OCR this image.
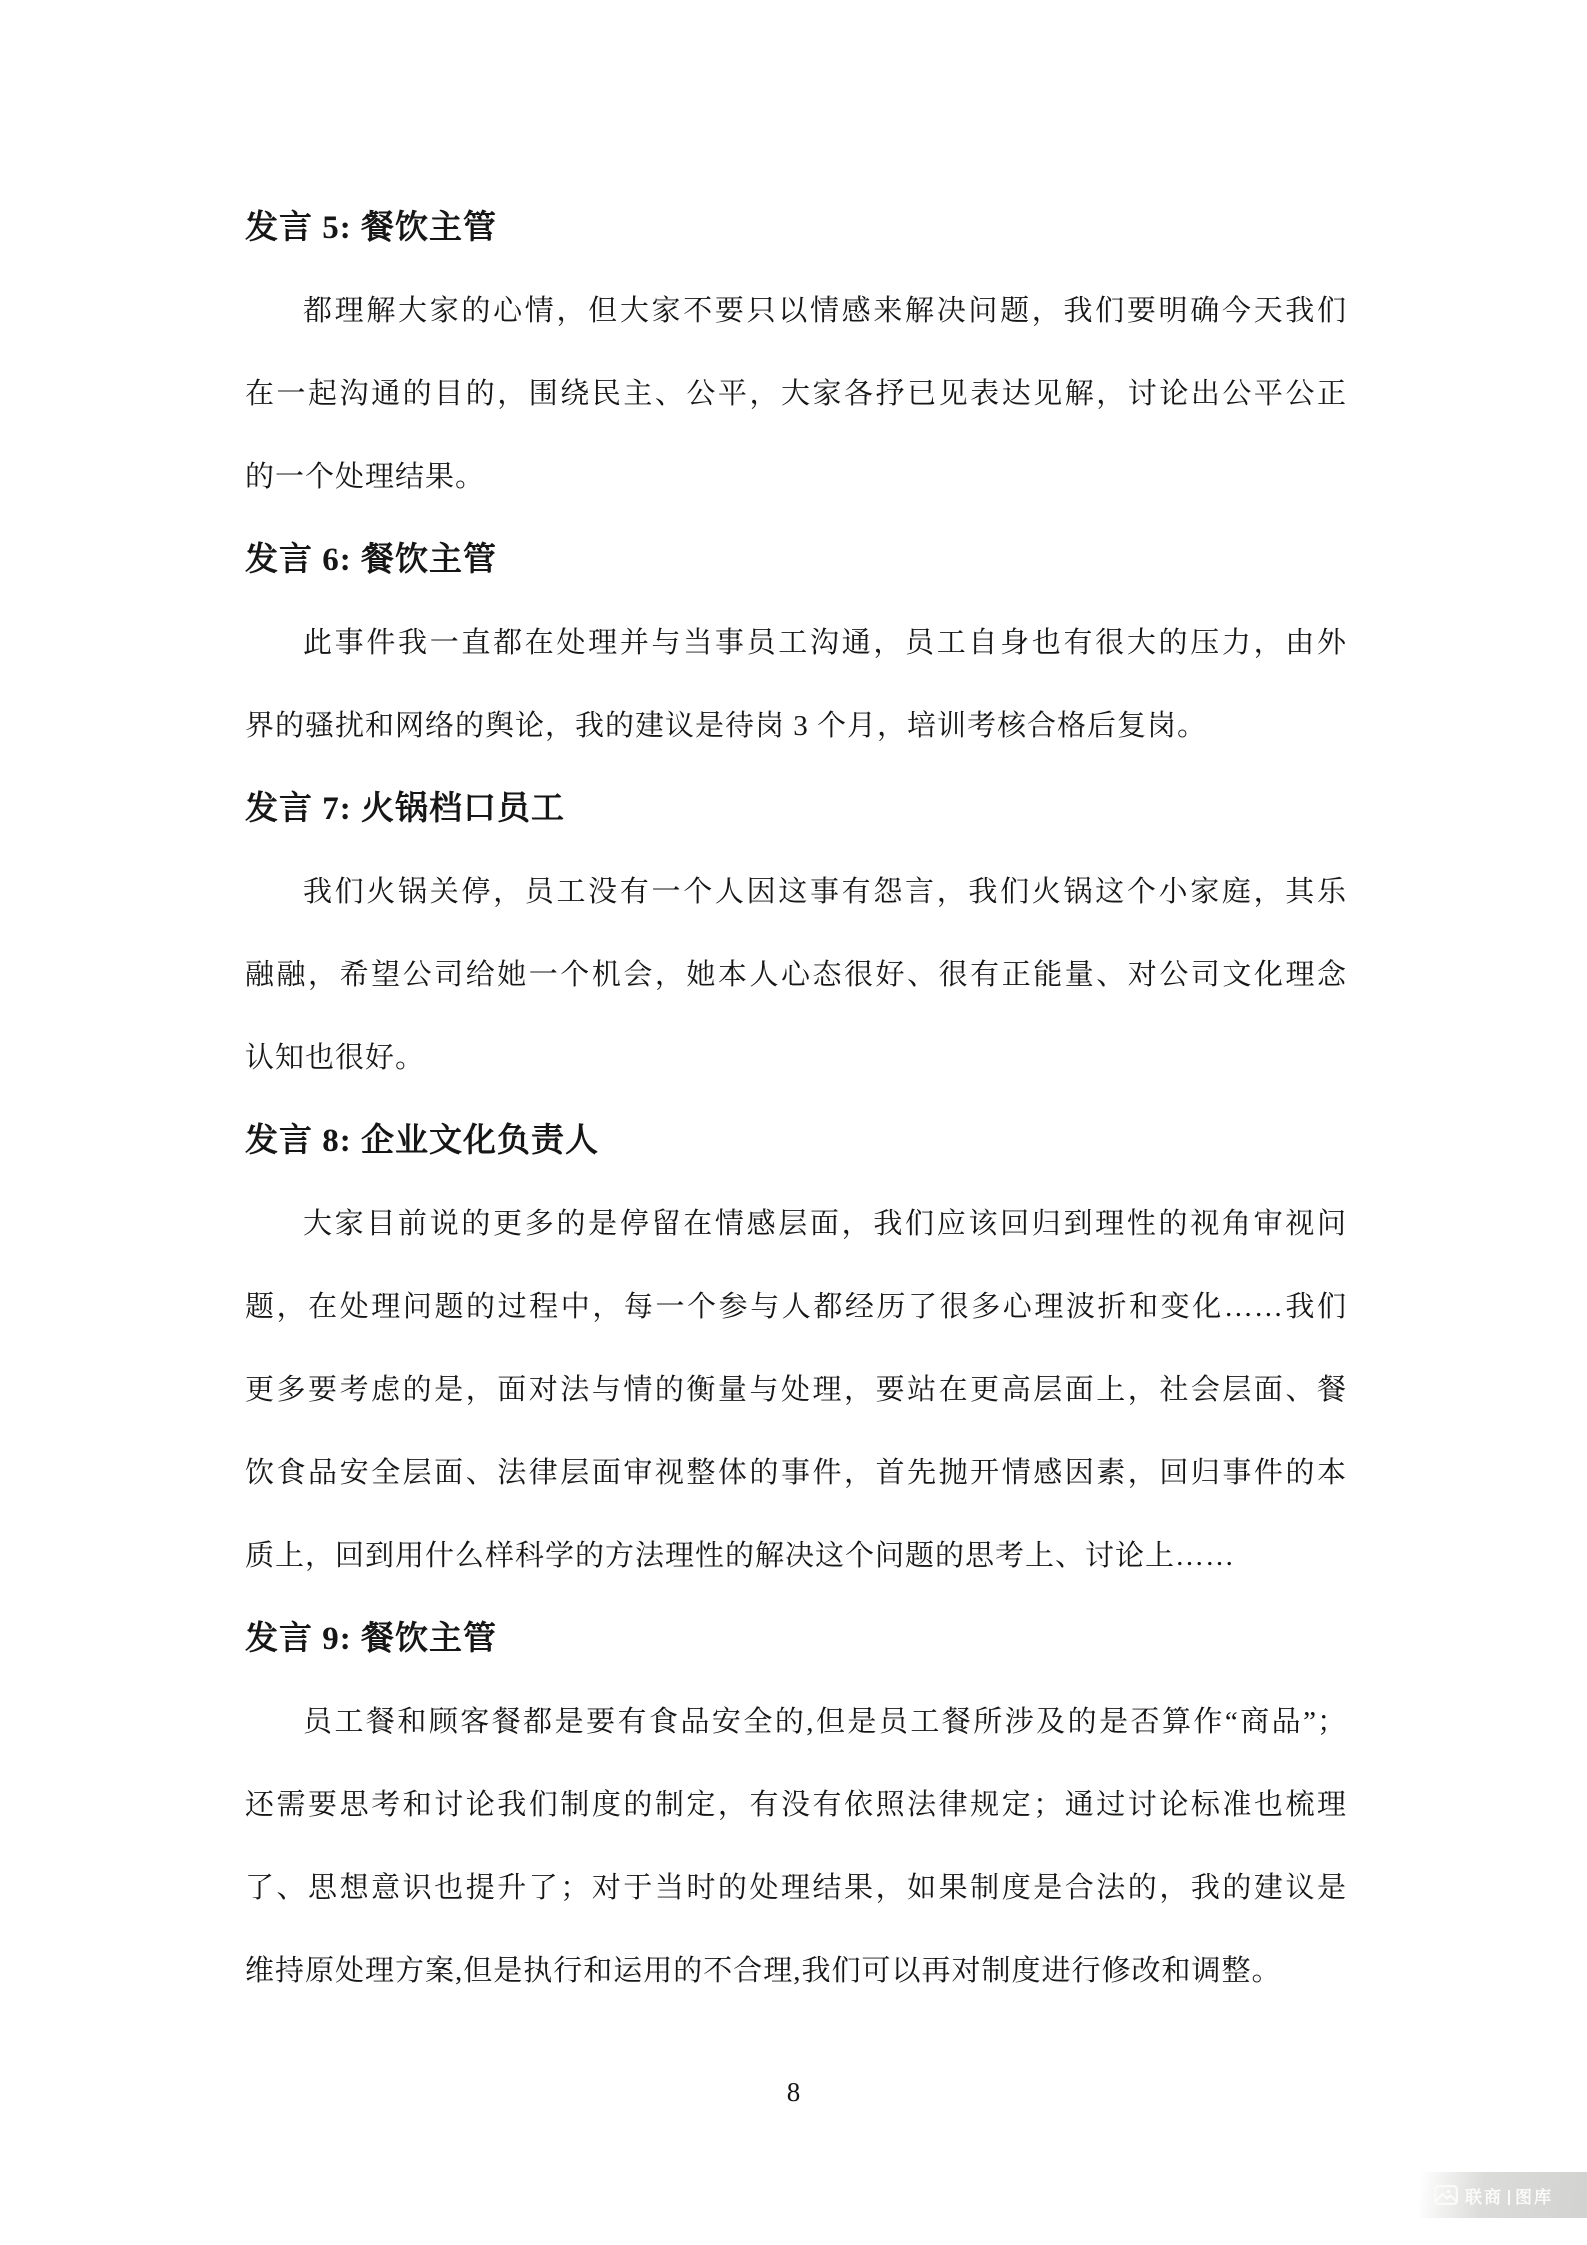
发言 5: 餐饮主管
都理解大家的心情，但大家不要只以情感来解决问题，我们要明确今天我们
在一起沟通的目的，围绕民主、公平，大家各抒已见表达见解，讨论出公平公正
的一个处理结果。
发言 6: 餐饮主管
此事件我一直都在处理并与当事员工沟通，员工自身也有很大的压力，由外
界的骚扰和网络的舆论，我的建议是待岗 3 个月，培训考核合格后复岗。
发言 7: 火锅档口员工
我们火锅关停，员工没有一个人因这事有怨言，我们火锅这个小家庭，其乐
融融，希望公司给她一个机会，她本人心态很好、很有正能量、对公司文化理念
认知也很好。
发言 8: 企业文化负责人
大家目前说的更多的是停留在情感层面，我们应该回归到理性的视角审视问
题，在处理问题的过程中，每一个参与人都经历了很多心理波折和变化……我们
更多要考虑的是，面对法与情的衡量与处理，要站在更高层面上，社会层面、餐
饮食品安全层面、法律层面审视整体的事件，首先抛开情感因素，回归事件的本
质上，回到用什么样科学的方法理性的解决这个问题的思考上、讨论上……
发言 9: 餐饮主管
员工餐和顾客餐都是要有食品安全的,但是员工餐所涉及的是否算作“商品”；
还需要思考和讨论我们制度的制定，有没有依照法律规定；通过讨论标准也梳理
了、思想意识也提升了；对于当时的处理结果，如果制度是合法的，我的建议是
维持原处理方案,但是执行和运用的不合理,我们可以再对制度进行修改和调整。
8
联商 图库
